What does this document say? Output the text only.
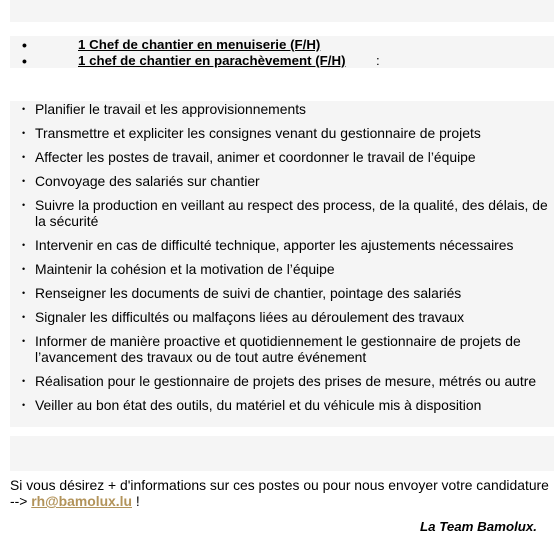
•	1 Chef de chantier en menuiserie (F/H)
•	1 chef de chantier en parachèvement (F/H) :
• Planifier le travail et les approvisionnements
• Transmettre et expliciter les consignes venant du gestionnaire de projets
• Affecter les postes de travail, animer et coordonner le travail de l’équipe
• Convoyage des salariés sur chantier
• Suivre la production en veillant au respect des process, de la qualité, des délais, de la sécurité
• Intervenir en cas de difficulté technique, apporter les ajustements nécessaires
• Maintenir la cohésion et la motivation de l’équipe
• Renseigner les documents de suivi de chantier, pointage des salariés
• Signaler les difficultés ou malfaçons liées au déroulement des travaux
• Informer de manière proactive et quotidiennement le gestionnaire de projets de l’avancement des travaux ou de tout autre événement
• Réalisation pour le gestionnaire de projets des prises de mesure, métrés ou autre
• Veiller au bon état des outils, du matériel et du véhicule mis à disposition
Si vous désirez + d'informations sur ces postes ou pour nous envoyer votre candidature --> rh@bamolux.lu !
La Team Bamolux.
